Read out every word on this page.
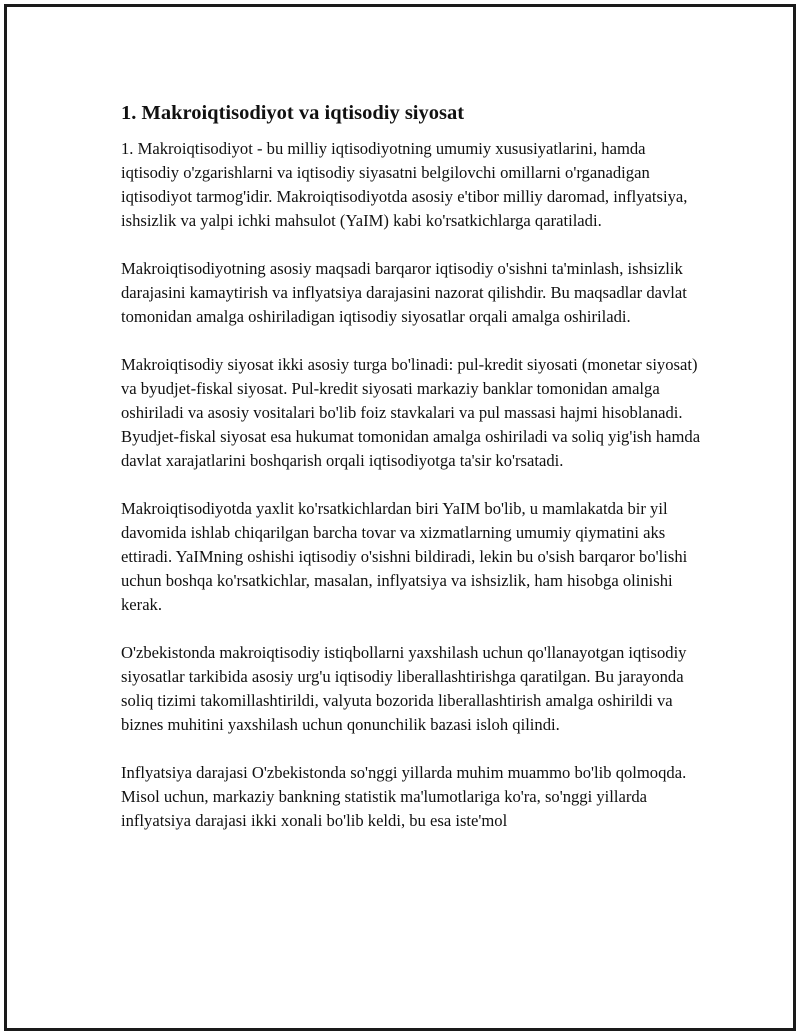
1. Makroiqtisodiyot va iqtisodiy siyosat

1. Makroiqtisodiyot - bu milliy iqtisodiyotning umumiy xususiyatlarini, hamda iqtisodiy o'zgarishlarni va iqtisodiy siyasatni belgilovchi omillarni o'rganadigan iqtisodiyot tarmog'idir. Makroiqtisodiyotda asosiy e'tibor milliy daromad, inflyatsiya, ishsizlik va yalpi ichki mahsulot (YaIM) kabi ko'rsatkichlarga qaratiladi.

Makroiqtisodiyotning asosiy maqsadi barqaror iqtisodiy o'sishni ta'minlash, ishsizlik darajasini kamaytirish va inflyatsiya darajasini nazorat qilishdir. Bu maqsadlar davlat tomonidan amalga oshiriladigan iqtisodiy siyosatlar orqali amalga oshiriladi.

Makroiqtisodiy siyosat ikki asosiy turga bo'linadi: pul-kredit siyosati (monetar siyosat) va byudjet-fiskal siyosat. Pul-kredit siyosati markaziy banklar tomonidan amalga oshiriladi va asosiy vositalari bo'lib foiz stavkalari va pul massasi hajmi hisoblanadi. Byudjet-fiskal siyosat esa hukumat tomonidan amalga oshiriladi va soliq yig'ish hamda davlat xarajatlarini boshqarish orqali iqtisodiyotga ta'sir ko'rsatadi.

Makroiqtisodiyotda yaxlit ko'rsatkichlardan biri YaIM bo'lib, u mamlakatda bir yil davomida ishlab chiqarilgan barcha tovar va xizmatlarning umumiy qiymatini aks ettiradi. YaIMning oshishi iqtisodiy o'sishni bildiradi, lekin bu o'sish barqaror bo'lishi uchun boshqa ko'rsatkichlar, masalan, inflyatsiya va ishsizlik, ham hisobga olinishi kerak.

O'zbekistonda makroiqtisodiy istiqbollarni yaxshilash uchun qo'llanayotgan iqtisodiy siyosatlar tarkibida asosiy urg'u iqtisodiy liberallashtirishga qaratilgan. Bu jarayonda soliq tizimi takomillashtirildi, valyuta bozorida liberallashtirish amalga oshirildi va biznes muhitini yaxshilash uchun qonunchilik bazasi isloh qilindi.

Inflyatsiya darajasi O'zbekistonda so'nggi yillarda muhim muammo bo'lib qolmoqda. Misol uchun, markaziy bankning statistik ma'lumotlariga ko'ra, so'nggi yillarda inflyatsiya darajasi ikki xonali bo'lib keldi, bu esa iste'mol
